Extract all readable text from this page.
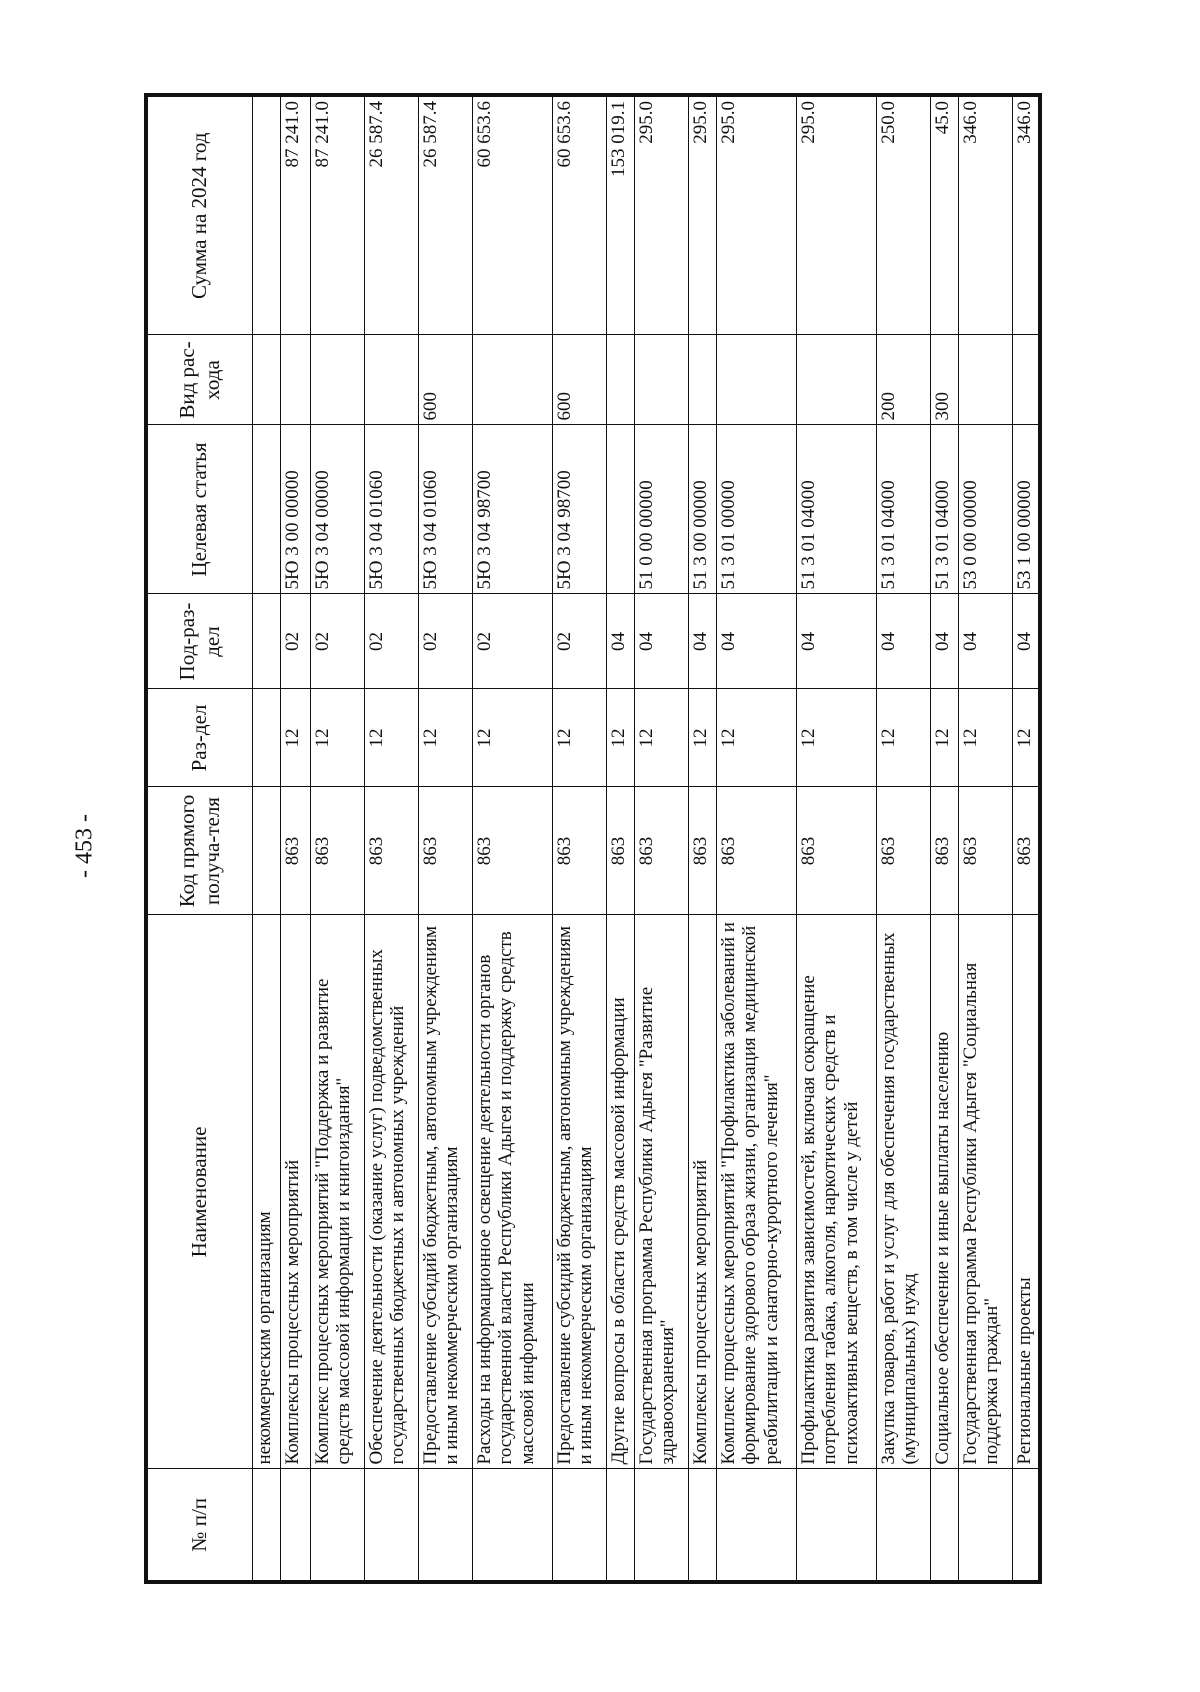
- 453 -
№ п/п	Наименование	Код прямого получа-теля	Раз-дел	Под-раз-дел	Целевая статья	Вид рас-хода	Сумма на 2024 год
	некоммерческим организациям						
	Комплексы процессных мероприятий	863	12	02	5Ю 3 00 00000		87 241.0
	Комплекс процессных мероприятий "Поддержка и развитие средств массовой информации и книгоиздания"	863	12	02	5Ю 3 04 00000		87 241.0
	Обеспечение деятельности (оказание услуг) подведомственных государственных бюджетных и автономных учреждений	863	12	02	5Ю 3 04 01060		26 587.4
	Предоставление субсидий бюджетным, автономным учреждениям и иным некоммерческим организациям	863	12	02	5Ю 3 04 01060	600	26 587.4
	Расходы на информационное освещение деятельности органов государственной власти Республики Адыгея и поддержку средств массовой информации	863	12	02	5Ю 3 04 98700		60 653.6
	Предоставление субсидий бюджетным, автономным учреждениям и иным некоммерческим организациям	863	12	02	5Ю 3 04 98700	600	60 653.6
	Другие вопросы в области средств массовой информации	863	12	04			153 019.1
	Государственная программа Республики Адыгея "Развитие здравоохранения"	863	12	04	51 0 00 00000		295.0
	Комплексы процессных мероприятий	863	12	04	51 3 00 00000		295.0
	Комплекс процессных мероприятий "Профилактика заболеваний и формирование здорового образа жизни, организация медицинской реабилитации и санаторно-курортного лечения"	863	12	04	51 3 01 00000		295.0
	Профилактика развития зависимостей, включая сокращение потребления табака, алкоголя, наркотических средств и психоактивных веществ, в том числе у детей	863	12	04	51 3 01 04000		295.0
	Закупка товаров, работ и услуг для обеспечения государственных (муниципальных) нужд	863	12	04	51 3 01 04000	200	250.0
	Социальное обеспечение и иные выплаты населению	863	12	04	51 3 01 04000	300	45.0
	Государственная программа Республики Адыгея "Социальная поддержка граждан"	863	12	04	53 0 00 00000		346.0
	Региональные проекты	863	12	04	53 1 00 00000		346.0
